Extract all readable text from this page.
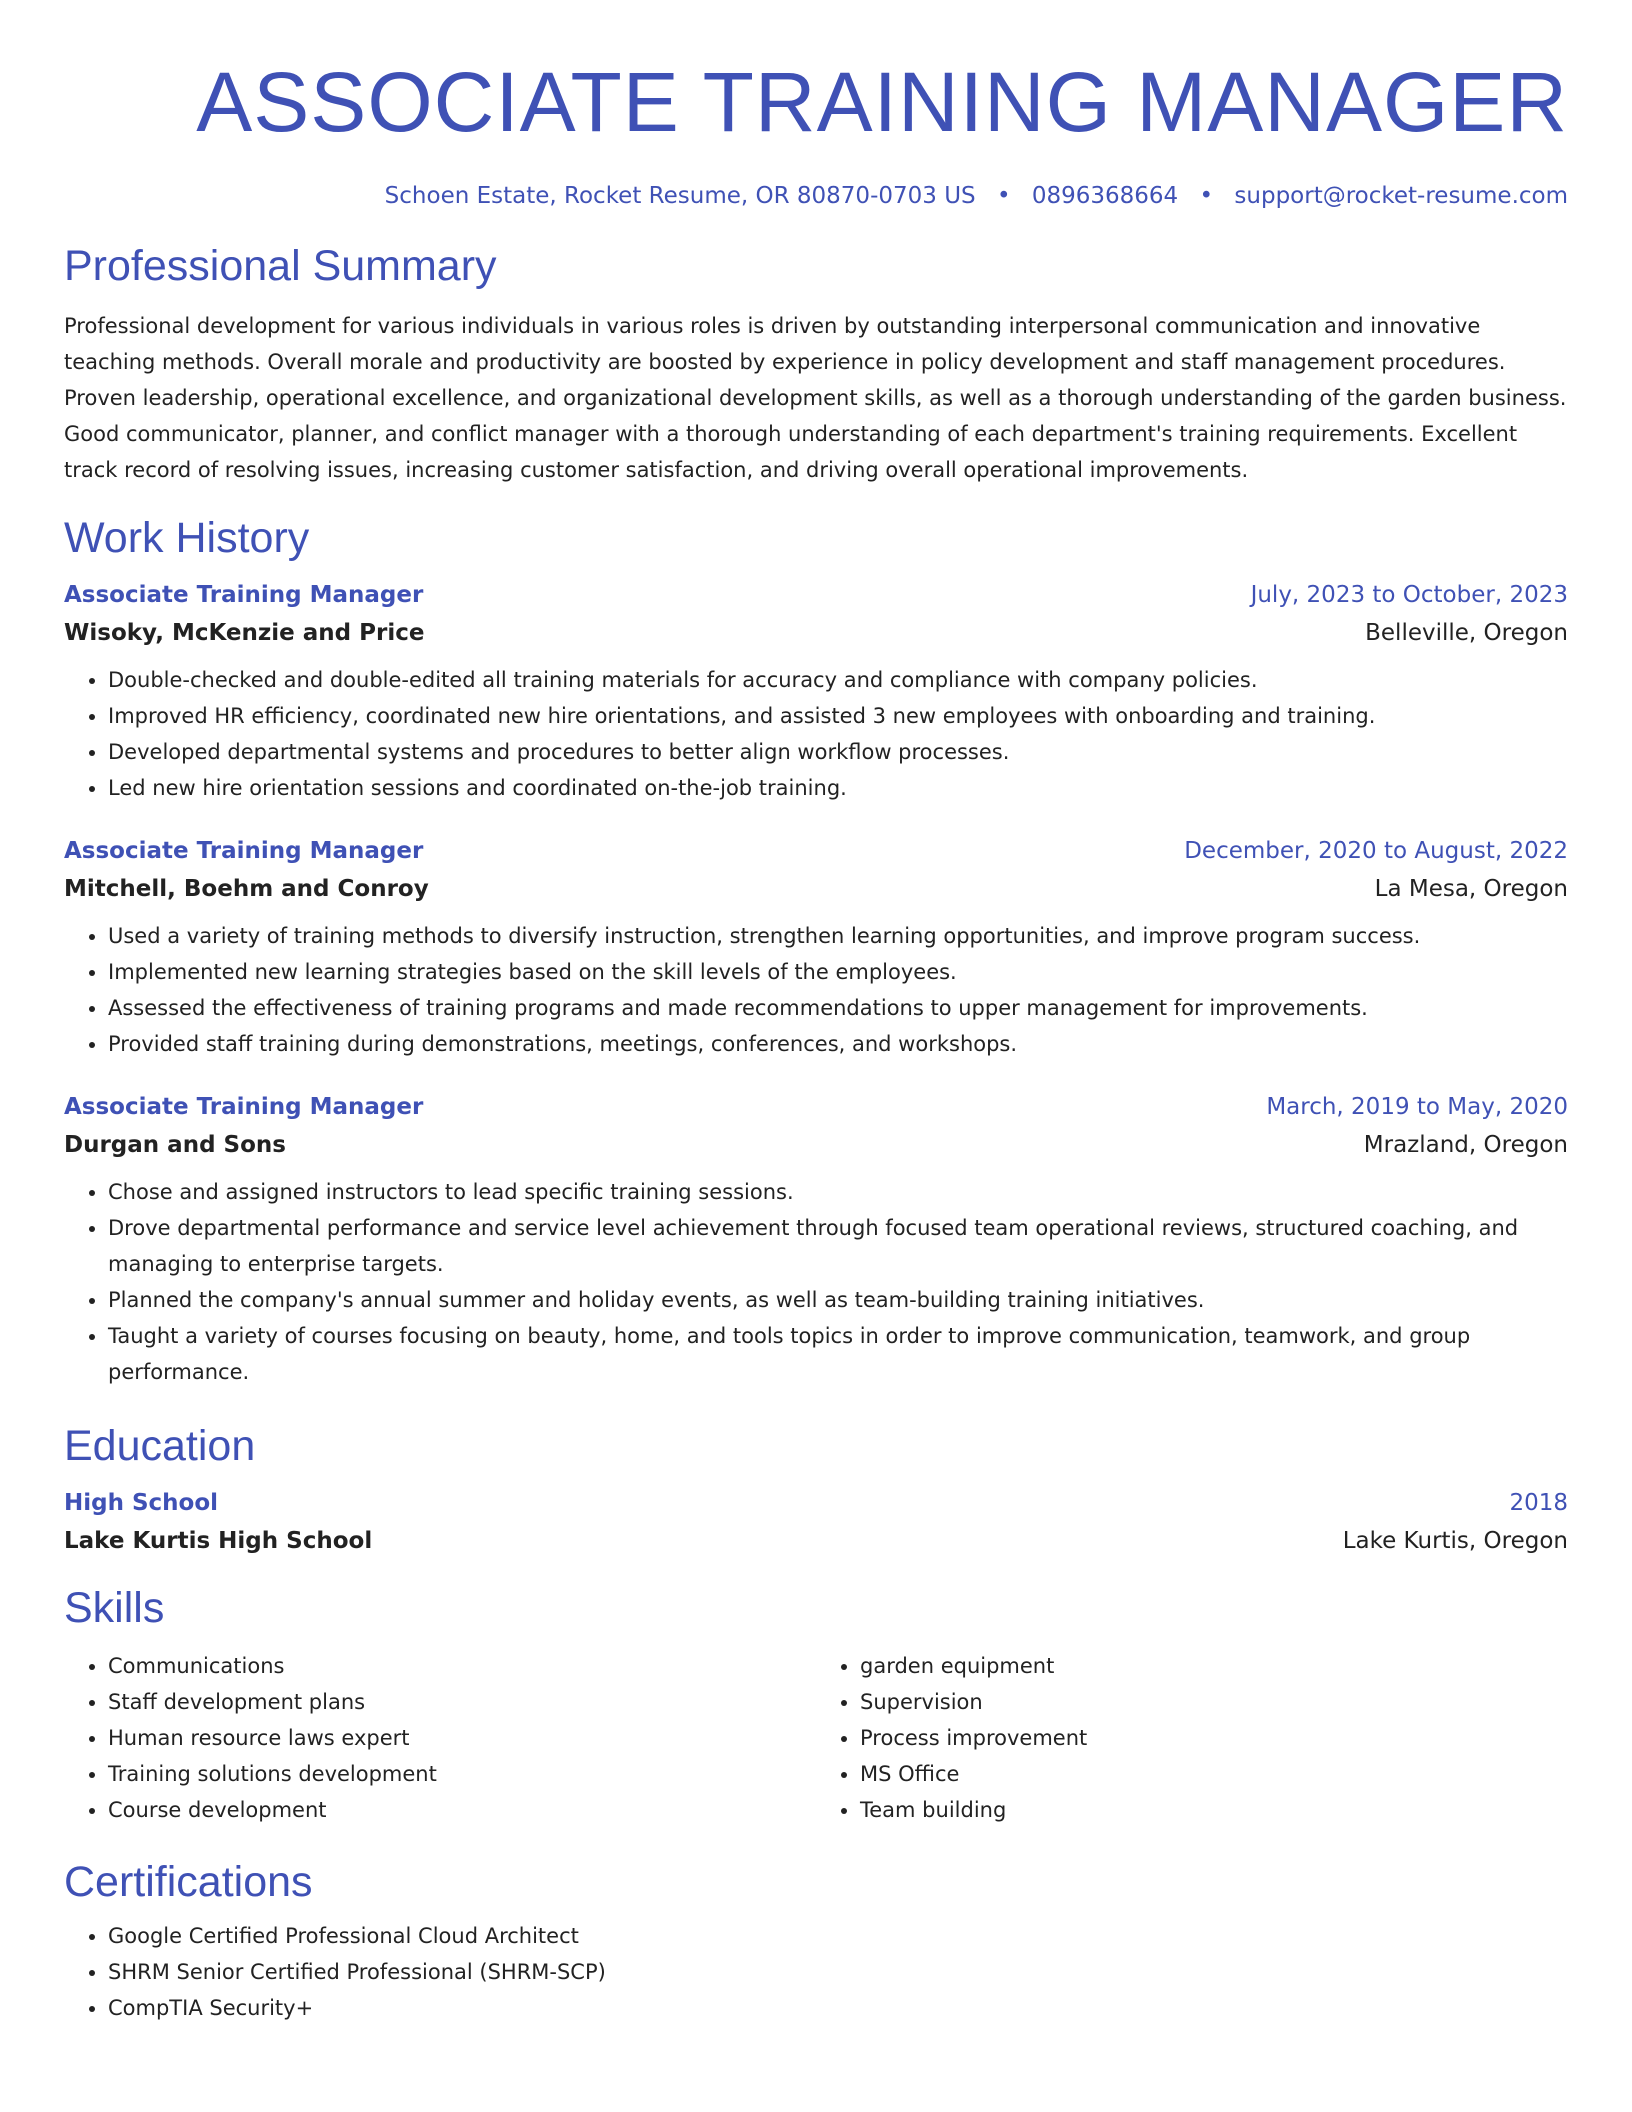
ASSOCIATE TRAINING MANAGER
Schoen Estate, Rocket Resume, OR 80870-0703 US • 0896368664 • support@rocket-resume.com
Professional Summary
Professional development for various individuals in various roles is driven by outstanding interpersonal communication and innovative teaching methods. Overall morale and productivity are boosted by experience in policy development and staff management procedures. Proven leadership, operational excellence, and organizational development skills, as well as a thorough understanding of the garden business. Good communicator, planner, and conflict manager with a thorough understanding of each department's training requirements. Excellent track record of resolving issues, increasing customer satisfaction, and driving overall operational improvements.
Work History
Associate Training Manager	July, 2023 to October, 2023
Wisoky, McKenzie and Price	Belleville, Oregon
• Double-checked and double-edited all training materials for accuracy and compliance with company policies.
• Improved HR efficiency, coordinated new hire orientations, and assisted 3 new employees with onboarding and training.
• Developed departmental systems and procedures to better align workflow processes.
• Led new hire orientation sessions and coordinated on-the-job training.
Associate Training Manager	December, 2020 to August, 2022
Mitchell, Boehm and Conroy	La Mesa, Oregon
• Used a variety of training methods to diversify instruction, strengthen learning opportunities, and improve program success.
• Implemented new learning strategies based on the skill levels of the employees.
• Assessed the effectiveness of training programs and made recommendations to upper management for improvements.
• Provided staff training during demonstrations, meetings, conferences, and workshops.
Associate Training Manager	March, 2019 to May, 2020
Durgan and Sons	Mrazland, Oregon
• Chose and assigned instructors to lead specific training sessions.
• Drove departmental performance and service level achievement through focused team operational reviews, structured coaching, and managing to enterprise targets.
• Planned the company's annual summer and holiday events, as well as team-building training initiatives.
• Taught a variety of courses focusing on beauty, home, and tools topics in order to improve communication, teamwork, and group performance.
Education
High School	2018
Lake Kurtis High School	Lake Kurtis, Oregon
Skills
• Communications
• Staff development plans
• Human resource laws expert
• Training solutions development
• Course development
• garden equipment
• Supervision
• Process improvement
• MS Office
• Team building
Certifications
• Google Certified Professional Cloud Architect
• SHRM Senior Certified Professional (SHRM-SCP)
• CompTIA Security+
